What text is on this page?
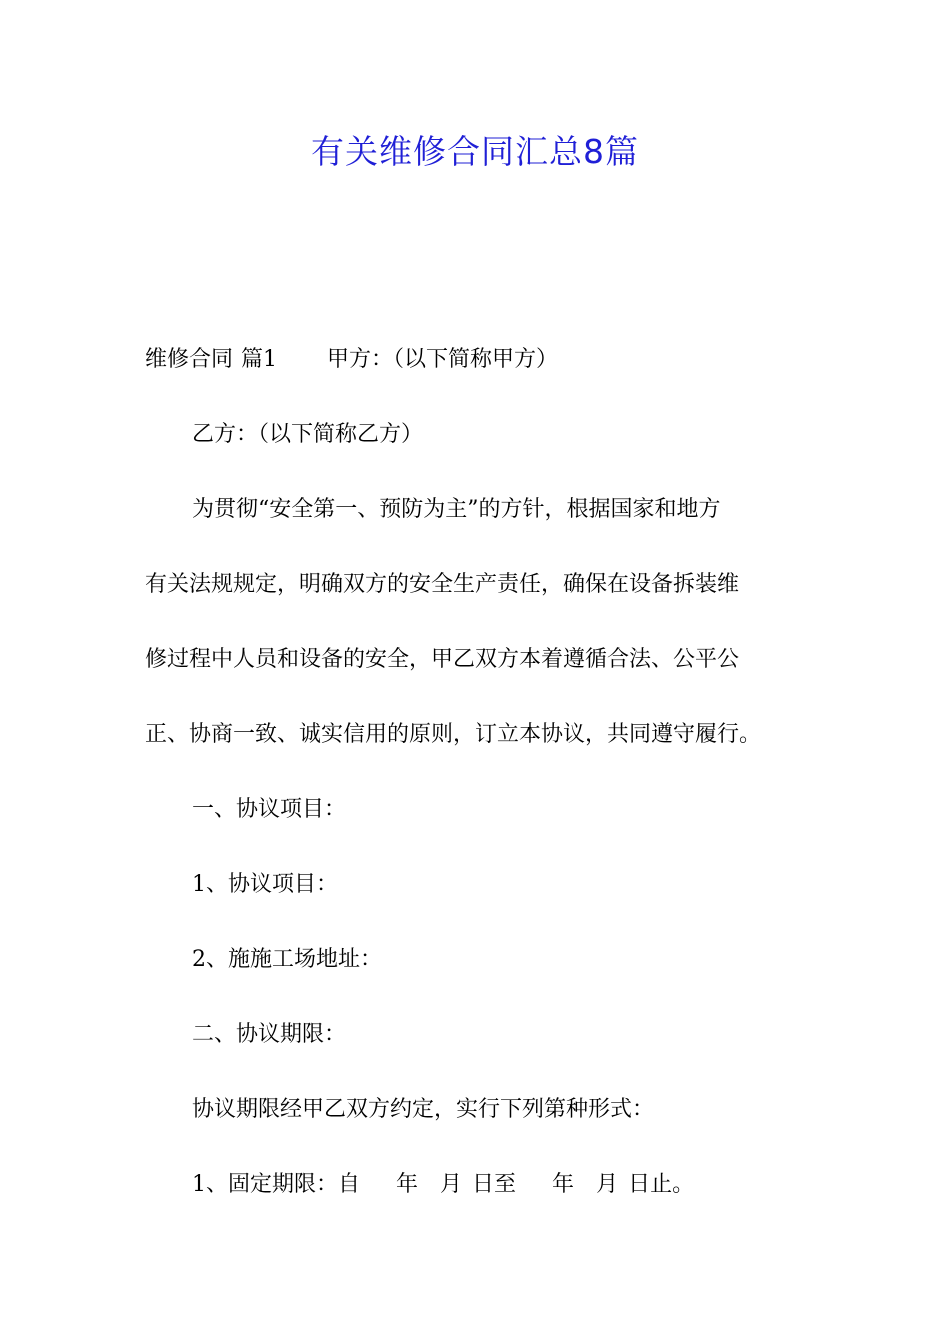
有关维修合同汇总8篇
维修合同 篇1 甲方：（以下简称甲方）
乙方：（以下简称乙方）
为贯彻“安全第一、预防为主”的方针，根据国家和地方
有关法规规定，明确双方的安全生产责任，确保在设备拆装维
修过程中人员和设备的安全，甲乙双方本着遵循合法、公平公
正、协商一致、诚实信用的原则，订立本协议，共同遵守履行。
一、协议项目：
1、协议项目：
2、施施工场地址：
二、协议期限：
协议期限经甲乙双方约定，实行下列第种形式：
1、固定期限：自 年 月 日至 年 月 日止。
